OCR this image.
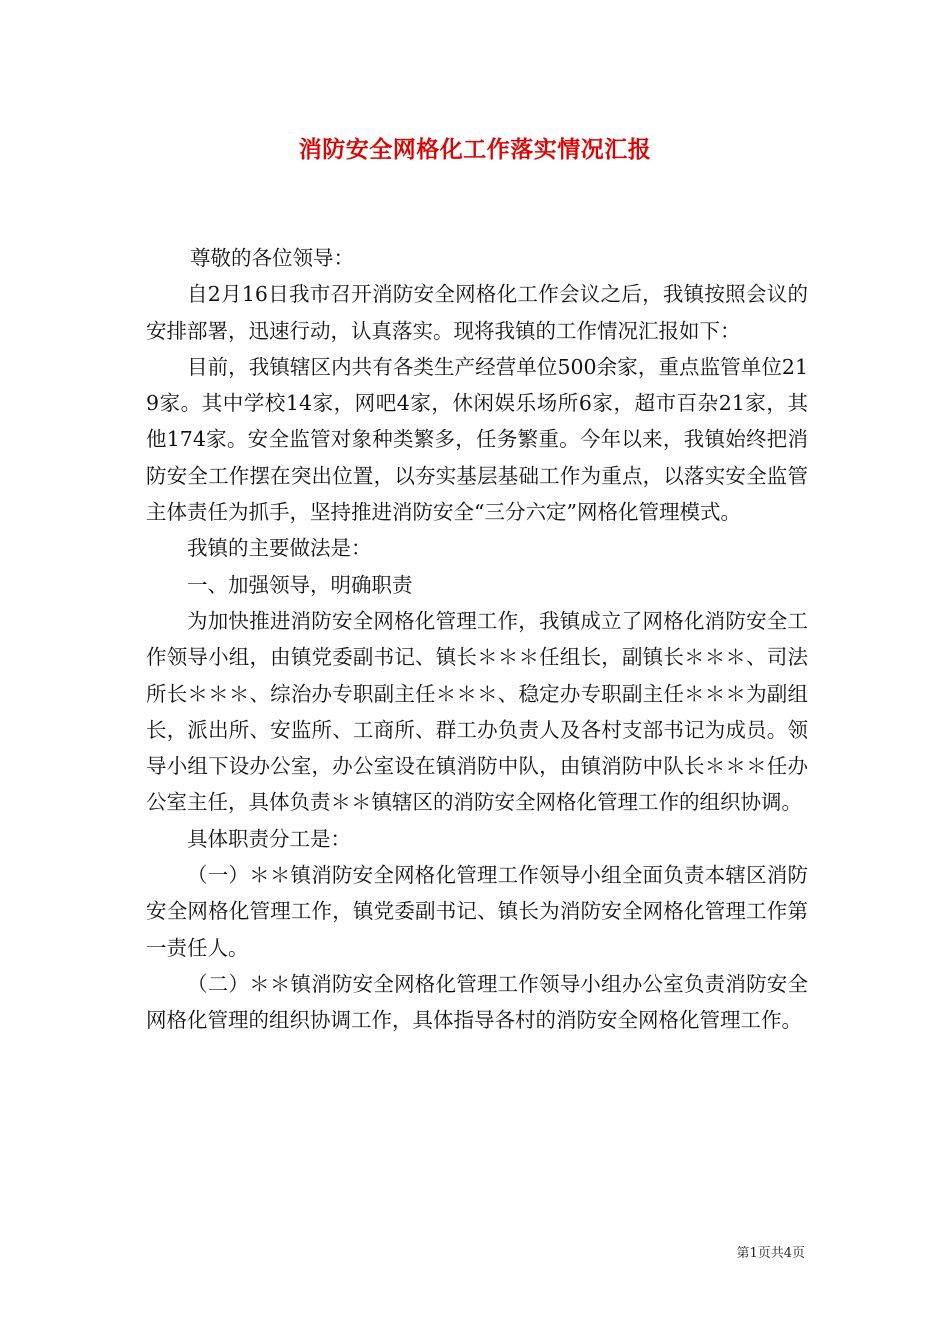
消防安全网格化工作落实情况汇报

尊敬的各位领导：

自2月16日我市召开消防安全网格化工作会议之后，我镇按照会议的安排部署，迅速行动，认真落实。现将我镇的工作情况汇报如下：

目前，我镇辖区内共有各类生产经营单位500余家，重点监管单位219家。其中学校14家，网吧4家，休闲娱乐场所6家，超市百杂21家，其他174家。安全监管对象种类繁多，任务繁重。今年以来，我镇始终把消防安全工作摆在突出位置，以夯实基层基础工作为重点，以落实安全监管主体责任为抓手，坚持推进消防安全“三分六定”网格化管理模式。

我镇的主要做法是：

一、加强领导，明确职责

为加快推进消防安全网格化管理工作，我镇成立了网格化消防安全工作领导小组，由镇党委副书记、镇长＊＊＊任组长，副镇长＊＊＊、司法所长＊＊＊、综治办专职副主任＊＊＊、稳定办专职副主任＊＊＊为副组长，派出所、安监所、工商所、群工办负责人及各村支部书记为成员。领导小组下设办公室，办公室设在镇消防中队，由镇消防中队长＊＊＊任办公室主任，具体负责＊＊镇辖区的消防安全网格化管理工作的组织协调。

具体职责分工是：

（一）＊＊镇消防安全网格化管理工作领导小组全面负责本辖区消防安全网格化管理工作，镇党委副书记、镇长为消防安全网格化管理工作第一责任人。

（二）＊＊镇消防安全网格化管理工作领导小组办公室负责消防安全网格化管理的组织协调工作，具体指导各村的消防安全网格化管理工作。

第1页共4页
